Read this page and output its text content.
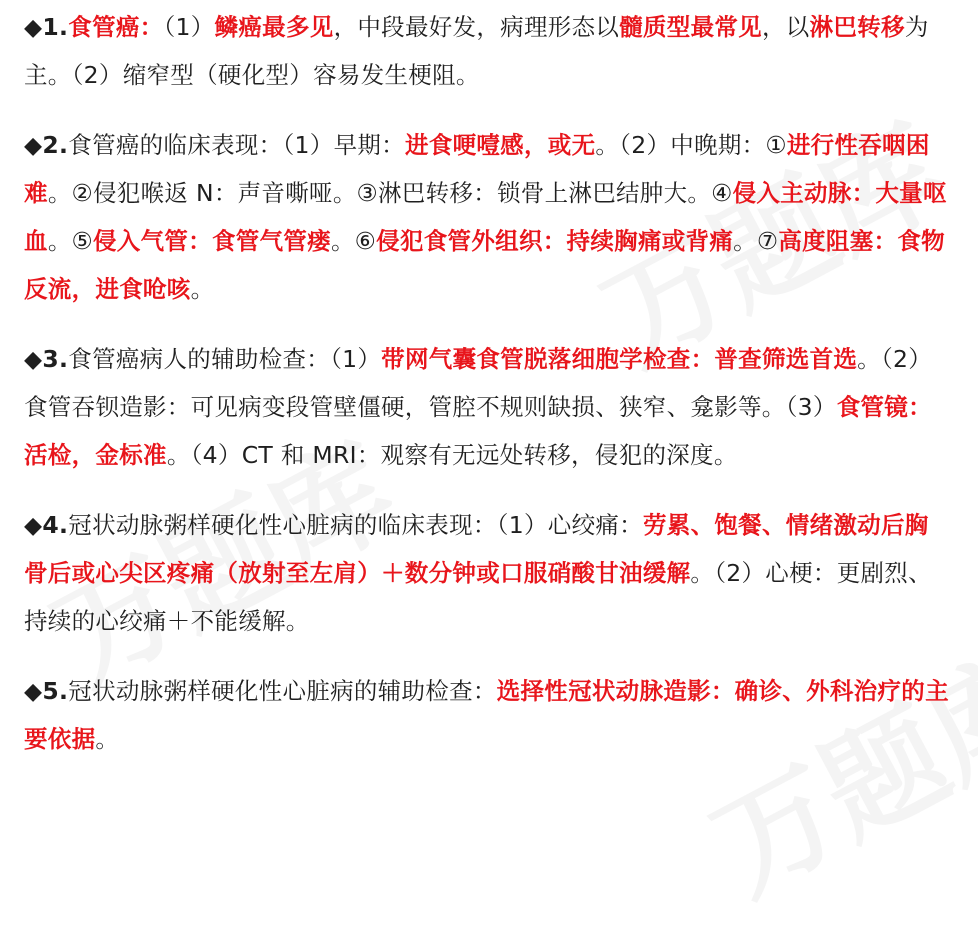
◆1.食管癌：（1）鳞癌最多见，中段最好发，病理形态以髓质型最常见，以淋巴转移为主。（2）缩窄型（硬化型）容易发生梗阻。
◆2.食管癌的临床表现：（1）早期：进食哽噎感，或无。（2）中晚期：①进行性吞咽困难。②侵犯喉返 N：声音嘶哑。③淋巴转移：锁骨上淋巴结肿大。④侵入主动脉：大量呕血。⑤侵入气管：食管气管瘘。⑥侵犯食管外组织：持续胸痛或背痛。⑦高度阻塞：食物反流，进食呛咳。
◆3.食管癌病人的辅助检查：（1）带网气囊食管脱落细胞学检查：普查筛选首选。（2）食管吞钡造影：可见病变段管壁僵硬，管腔不规则缺损、狭窄、龛影等。（3）食管镜：活检，金标准。（4）CT 和 MRI：观察有无远处转移，侵犯的深度。
◆4.冠状动脉粥样硬化性心脏病的临床表现：（1）心绞痛：劳累、饱餐、情绪激动后胸骨后或心尖区疼痛（放射至左肩）＋数分钟或口服硝酸甘油缓解。（2）心梗：更剧烈、持续的心绞痛＋不能缓解。
◆5.冠状动脉粥样硬化性心脏病的辅助检查：选择性冠状动脉造影：确诊、外科治疗的主要依据。
